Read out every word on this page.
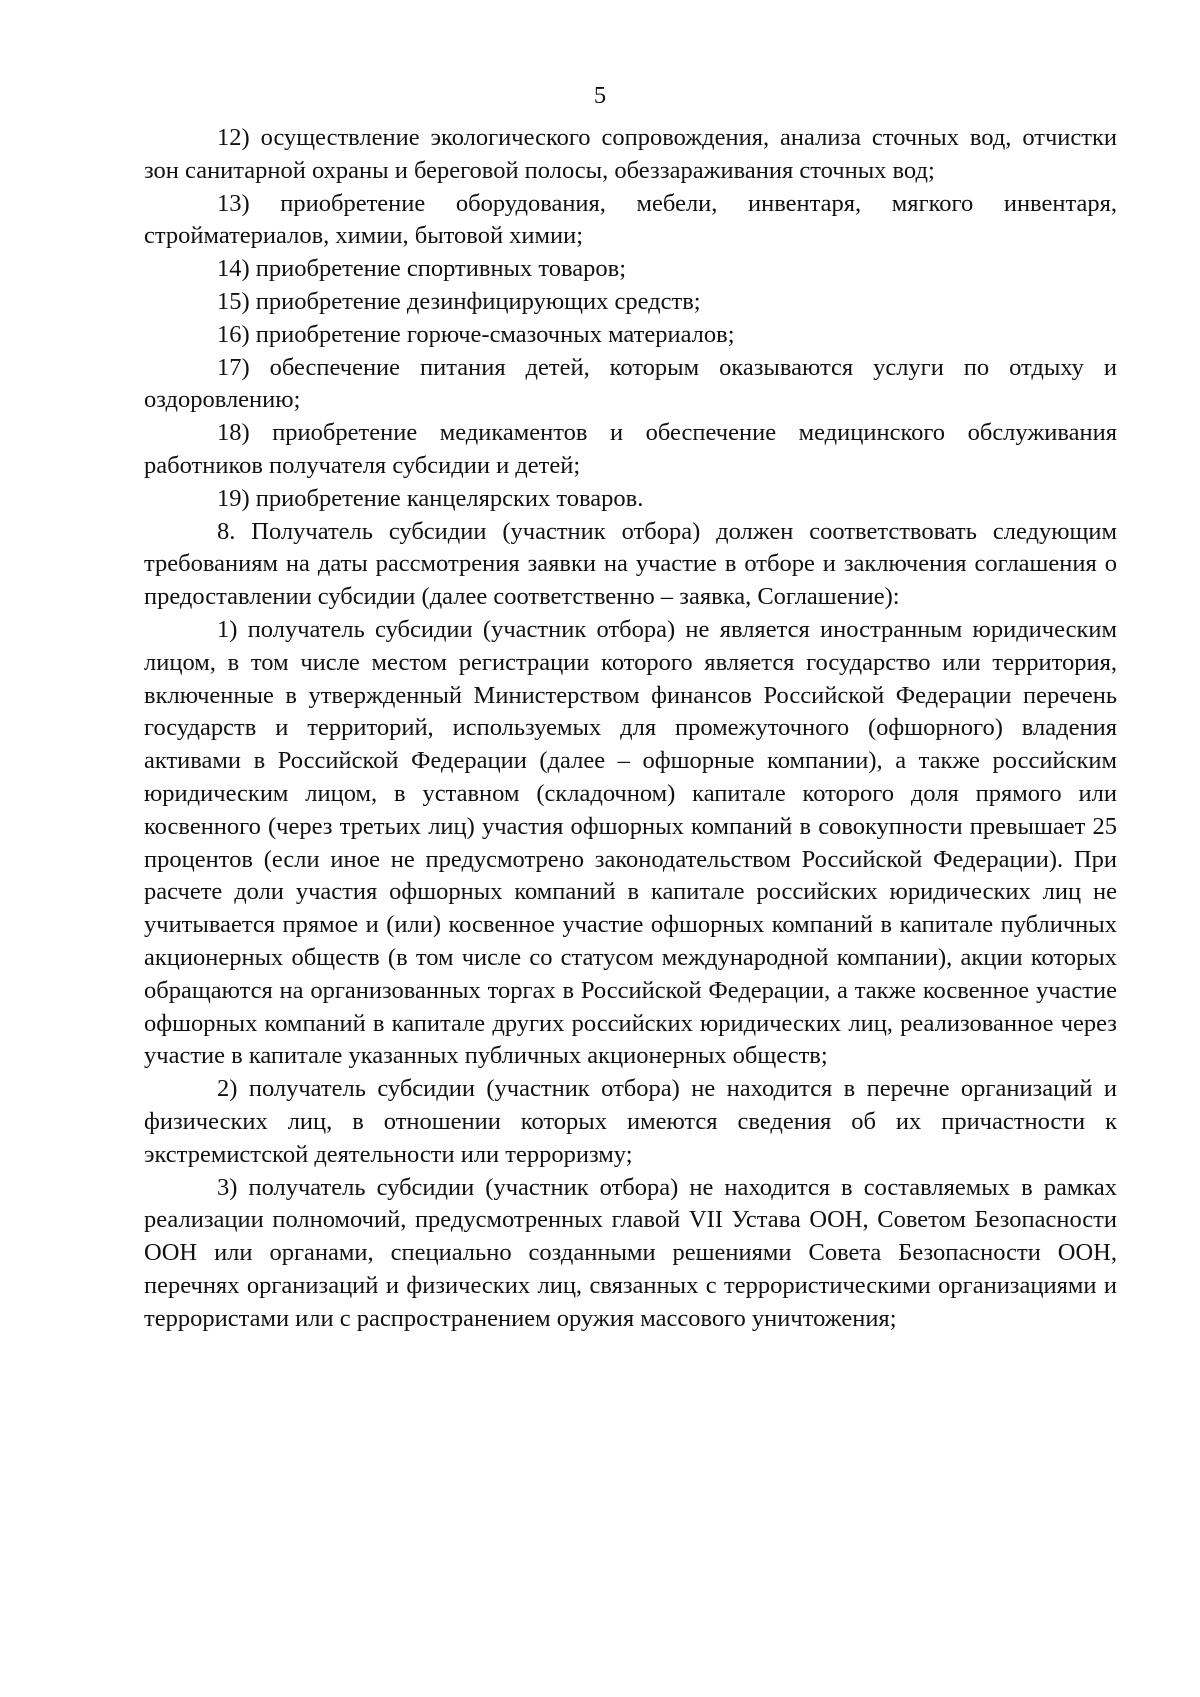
5

12) осуществление экологического сопровождения, анализа сточных вод, отчистки зон санитарной охраны и береговой полосы, обеззараживания сточных вод;

13) приобретение оборудования, мебели, инвентаря, мягкого инвентаря, стройматериалов, химии, бытовой химии;

14) приобретение спортивных товаров;

15) приобретение дезинфицирующих средств;

16) приобретение горюче-смазочных материалов;

17) обеспечение питания детей, которым оказываются услуги по отдыху и оздоровлению;

18) приобретение медикаментов и обеспечение медицинского обслуживания работников получателя субсидии и детей;

19) приобретение канцелярских товаров.

8. Получатель субсидии (участник отбора) должен соответствовать следующим требованиям на даты рассмотрения заявки на участие в отборе и заключения соглашения о предоставлении субсидии (далее соответственно – заявка, Соглашение):

1) получатель субсидии (участник отбора) не является иностранным юридическим лицом, в том числе местом регистрации которого является государство или территория, включенные в утвержденный Министерством финансов Российской Федерации перечень государств и территорий, используемых для промежуточного (офшорного) владения активами в Российской Федерации (далее – офшорные компании), а также российским юридическим лицом, в уставном (складочном) капитале которого доля прямого или косвенного (через третьих лиц) участия офшорных компаний в совокупности превышает 25 процентов (если иное не предусмотрено законодательством Российской Федерации). При расчете доли участия офшорных компаний в капитале российских юридических лиц не учитывается прямое и (или) косвенное участие офшорных компаний в капитале публичных акционерных обществ (в том числе со статусом международной компании), акции которых обращаются на организованных торгах в Российской Федерации, а также косвенное участие офшорных компаний в капитале других российских юридических лиц, реализованное через участие в капитале указанных публичных акционерных обществ;

2) получатель субсидии (участник отбора) не находится в перечне организаций и физических лиц, в отношении которых имеются сведения об их причастности к экстремистской деятельности или терроризму;

3) получатель субсидии (участник отбора) не находится в составляемых в рамках реализации полномочий, предусмотренных главой VII Устава ООН, Советом Безопасности ООН или органами, специально созданными решениями Совета Безопасности ООН, перечнях организаций и физических лиц, связанных с террористическими организациями и террористами или с распространением оружия массового уничтожения;
